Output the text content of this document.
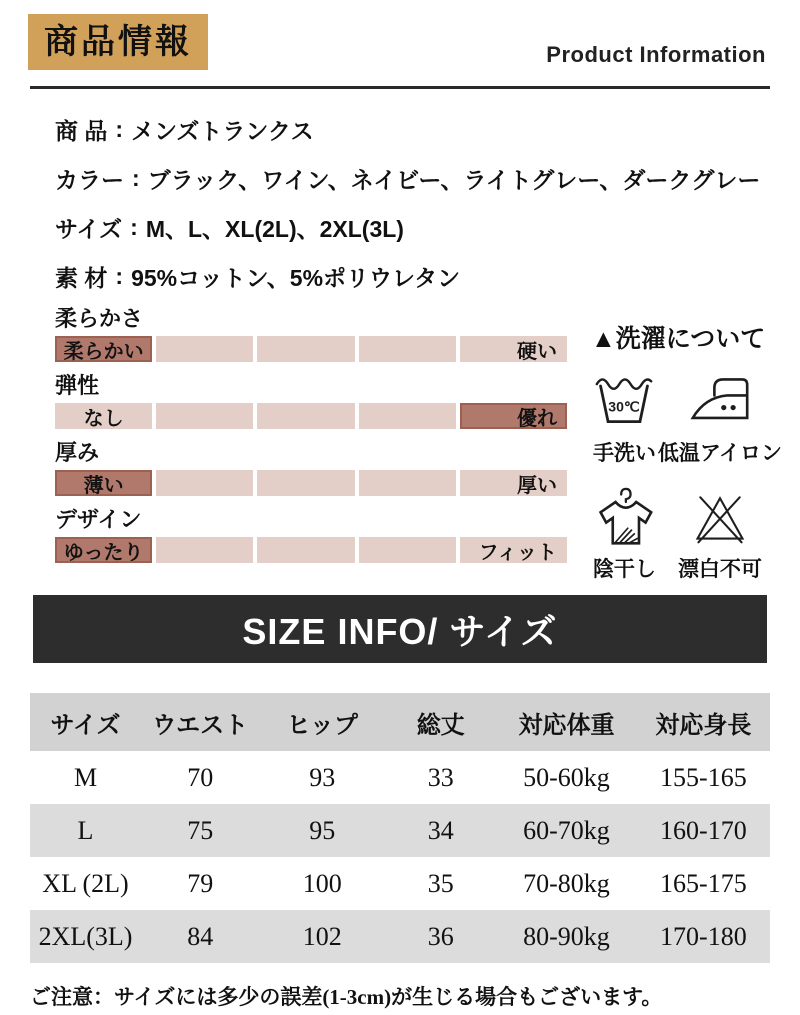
商品情報	Product Information
商 品 : メンズトランクス
カラー : ブラック、ワイン、ネイビー、ライトグレー、ダークグレー
サイズ : M、L、XL(2L)、2XL(3L)
素 材 : 95%コットン、5%ポリウレタン
柔らかさ
柔らかい	硬い
弾性
なし	優れ
厚み
薄い	厚い
デザイン
ゆったり	フィット
▲洗濯について
30℃
手洗い 低温アイロン
陰干し 漂白不可
SIZE INFO/ サイズ
サイズ	ウエスト	ヒップ	総丈	対応体重	対応身長
M	70	93	33	50-60kg	155-165
L	75	95	34	60-70kg	160-170
XL (2L)	79	100	35	70-80kg	165-175
2XL(3L)	84	102	36	80-90kg	170-180
ご注意：サイズには多少の誤差(1-3cm)が生じる場合もございます。
